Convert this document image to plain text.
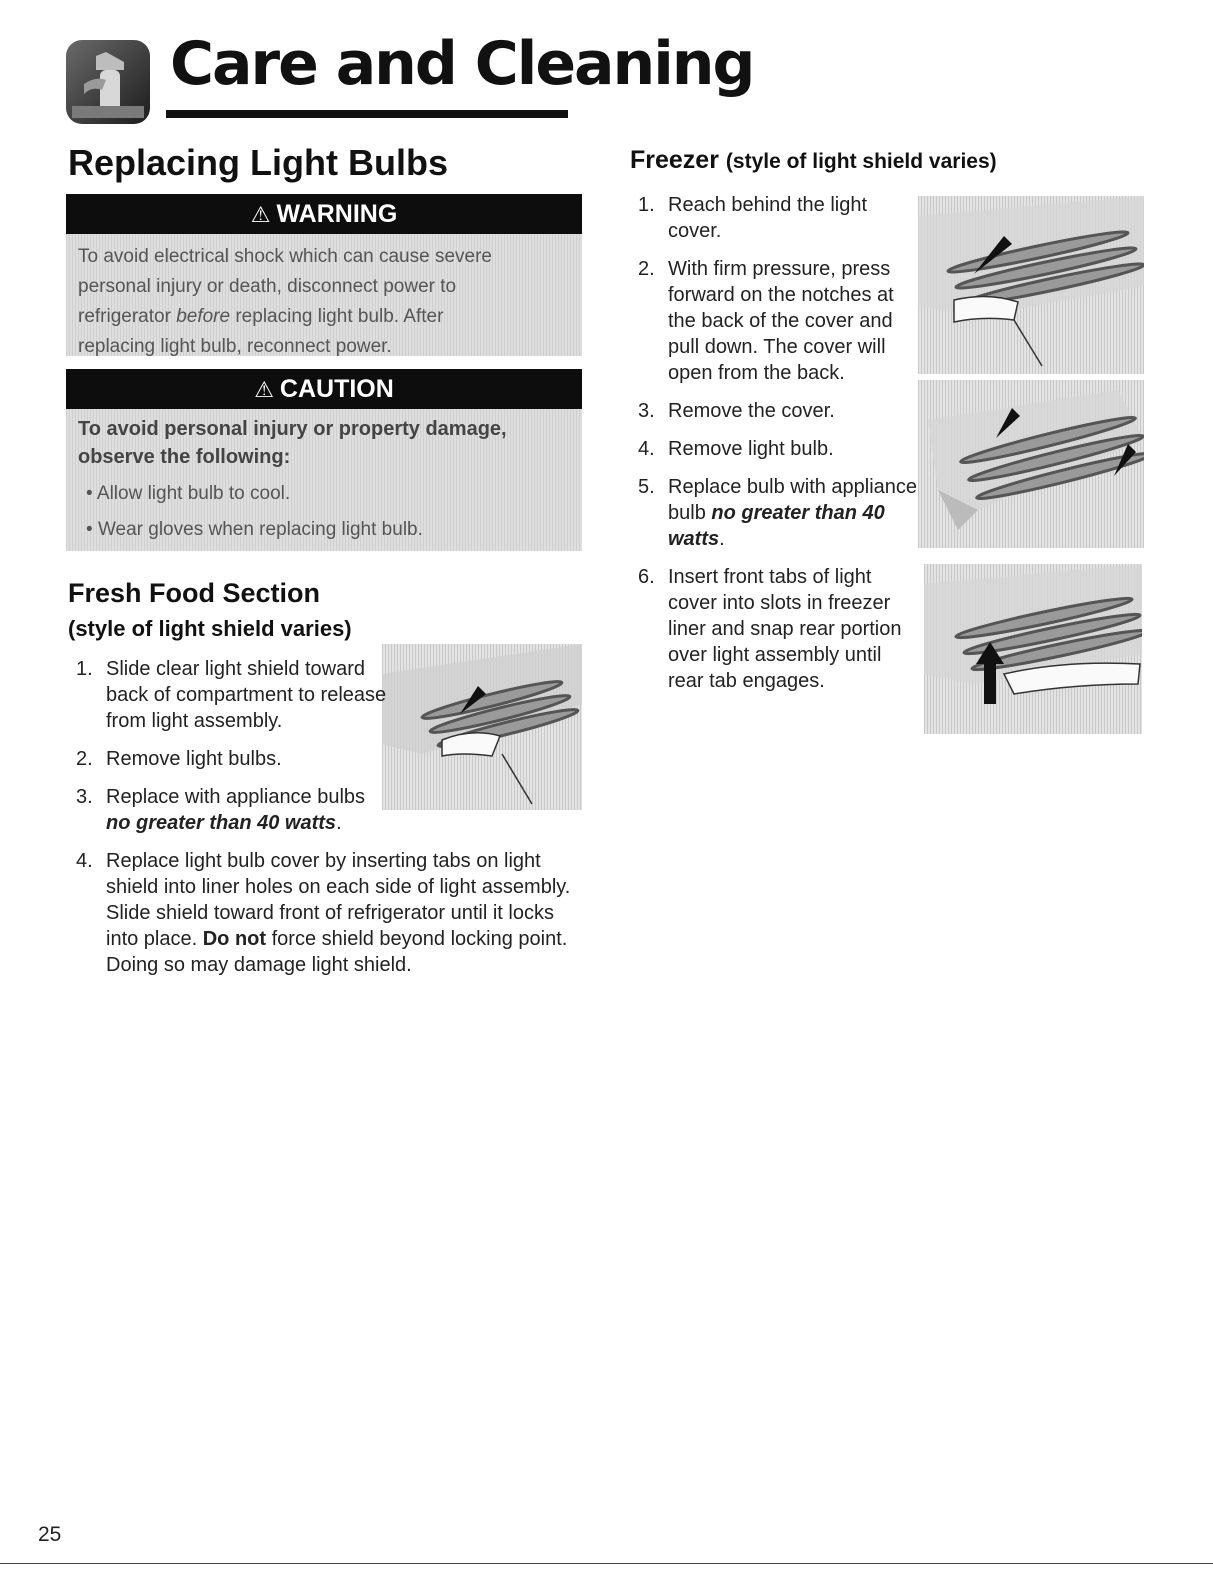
Care and Cleaning
Replacing Light Bulbs
⚠ WARNING
To avoid electrical shock which can cause severe
personal injury or death, disconnect power to
refrigerator before replacing light bulb. After
replacing light bulb, reconnect power.
⚠ CAUTION
To avoid personal injury or property damage, observe the following:
• Allow light bulb to cool.
• Wear gloves when replacing light bulb.
Fresh Food Section
(style of light shield varies)
1. Slide clear light shield toward back of compartment to release from light assembly.
2. Remove light bulbs.
3. Replace with appliance bulbs
no greater than 40 watts.
4. Replace light bulb cover by inserting tabs on light shield into liner holes on each side of light assembly. Slide shield toward front of refrigerator until it locks into place. Do not force shield beyond locking point. Doing so may damage light shield.
Freezer (style of light shield varies)
1. Reach behind the light cover.
2. With firm pressure, press forward on the notches at the back of the cover and pull down. The cover will open from the back.
3. Remove the cover.
4. Remove light bulb.
5. Replace bulb with appliance bulb no greater than 40 watts.
6. Insert front tabs of light cover into slots in freezer liner and snap rear portion over light assembly until rear tab engages.
25
